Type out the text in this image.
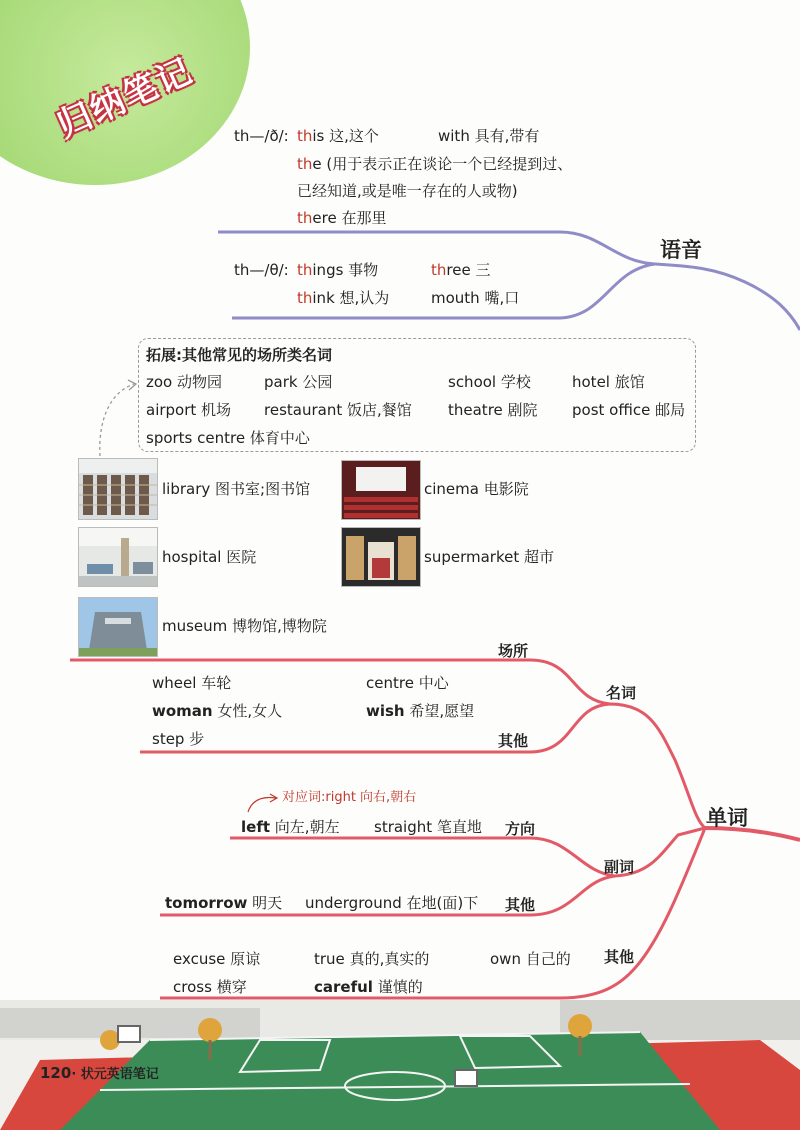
归纳笔记
语音
th—/ð/: this 这,这个	with 具有,带有
the (用于表示正在谈论一个已经提到过、
已经知道,或是唯一存在的人或物)
there 在那里
th—/θ/: things 事物	three 三
think 想,认为	mouth 嘴,口
拓展:其他常见的场所类名词
zoo 动物园	park 公园	school 学校	hotel 旅馆
airport 机场 restaurant 饭店,餐馆 theatre 剧院 post office 邮局
sports centre 体育中心
library 图书室;图书馆	cinema 电影院
hospital 医院	supermarket 超市
museum 博物馆,博物院
场所
名词
wheel 车轮	centre 中心
woman 女性,女人	wish 希望,愿望
step 步	其他
单词
对应词:right 向右,朝右
left 向左,朝左 straight 笔直地 方向
副词
tomorrow 明天 underground 在地(面)下 其他
其他
excuse 原谅	true 真的,真实的	own 自己的
cross 横穿	careful 谨慎的
120· 状元英语笔记
